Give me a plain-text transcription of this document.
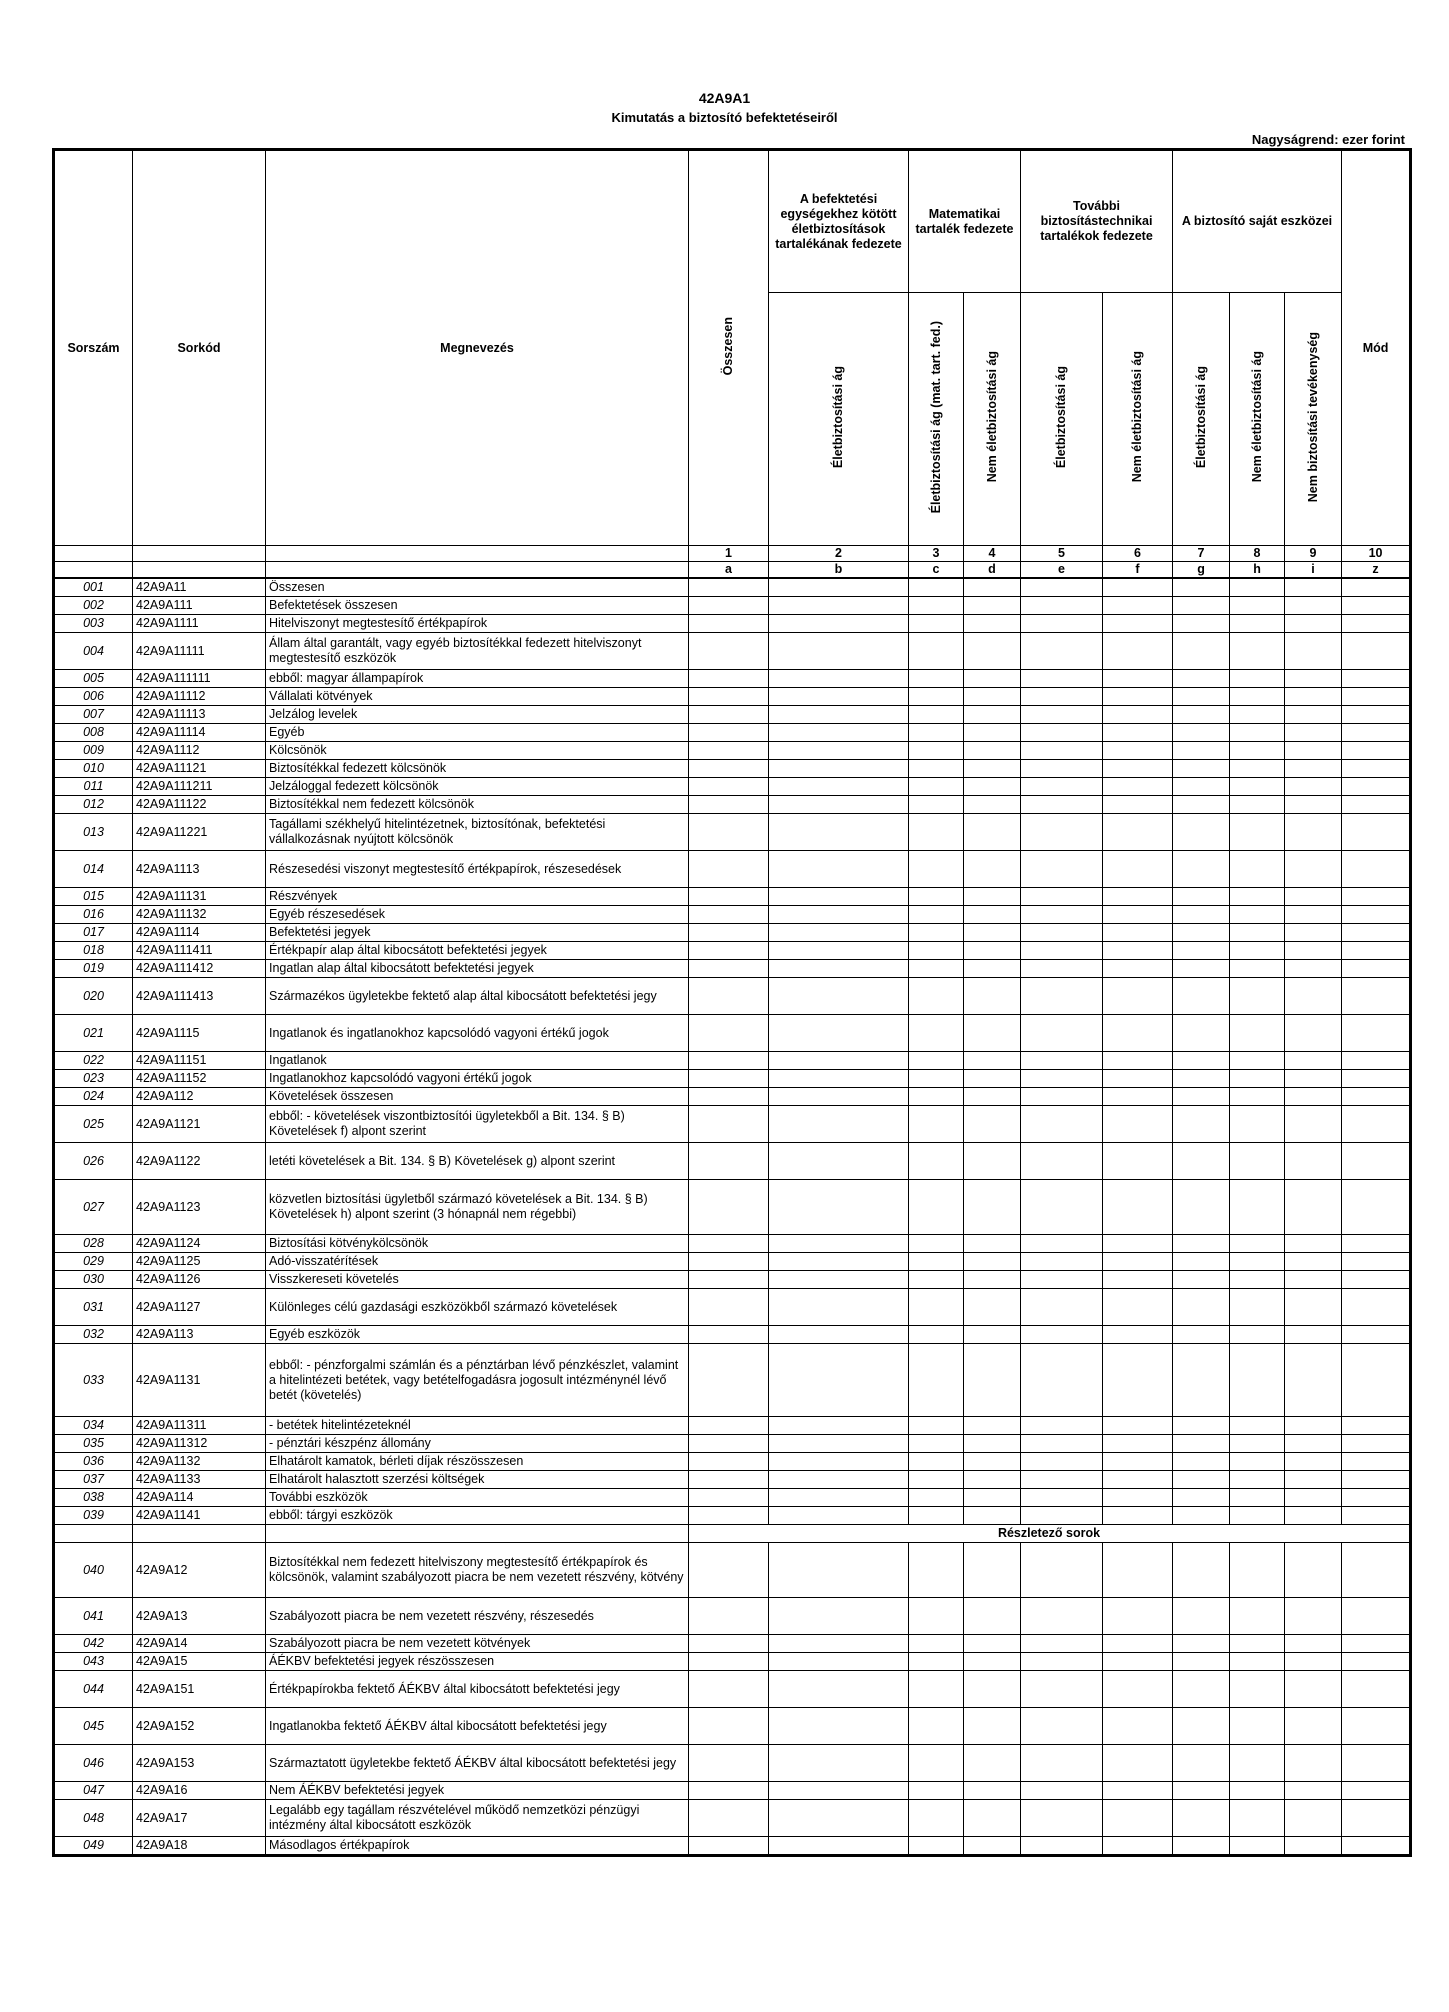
42A9A1
Kimutatás a biztosító befektetéseiről
Nagyságrend: ezer forint
Sorszám	Sorkód	Megnevezés	Összesen	A befektetési egységekhez kötött életbiztosítások tartalékának fedezete	Matematikai tartalék fedezete		További biztosítástechnikai tartalékok fedezete		A biztosító saját eszközei			Mód
				Életbiztosítási ág	Életbiztosítási ág (mat. tart. fed.)	Nem életbiztosítási ág	Életbiztosítási ág	Nem életbiztosítási ág	Életbiztosítási ág	Nem életbiztosítási ág	Nem biztosítási tevékenység	
			1	2	3	4	5	6	7	8	9	10
			a	b	c	d	e	f	g	h	i	z
001	42A9A11	Összesen										
002	42A9A111	Befektetések összesen										
003	42A9A1111	Hitelviszonyt megtestesítő értékpapírok										
004	42A9A11111	Állam által garantált, vagy egyéb biztosítékkal fedezett hitelviszonyt megtestesítő eszközök										
005	42A9A111111	ebből: magyar állampapírok										
006	42A9A11112	Vállalati kötvények										
007	42A9A11113	Jelzálog levelek										
008	42A9A11114	Egyéb										
009	42A9A1112	Kölcsönök										
010	42A9A11121	Biztosítékkal fedezett kölcsönök										
011	42A9A111211	Jelzáloggal fedezett kölcsönök										
012	42A9A11122	Biztosítékkal nem fedezett kölcsönök										
013	42A9A11221	Tagállami székhelyű hitelintézetnek, biztosítónak, befektetési vállalkozásnak nyújtott kölcsönök										
014	42A9A1113	Részesedési viszonyt megtestesítő értékpapírok, részesedések										
015	42A9A11131	Részvények										
016	42A9A11132	Egyéb részesedések										
017	42A9A1114	Befektetési jegyek										
018	42A9A111411	Értékpapír alap által kibocsátott befektetési jegyek										
019	42A9A111412	Ingatlan alap által kibocsátott befektetési jegyek										
020	42A9A111413	Származékos ügyletekbe fektető alap által kibocsátott befektetési jegy										
021	42A9A1115	Ingatlanok és ingatlanokhoz kapcsolódó vagyoni értékű jogok										
022	42A9A11151	Ingatlanok										
023	42A9A11152	Ingatlanokhoz kapcsolódó vagyoni értékű jogok										
024	42A9A112	Követelések összesen										
025	42A9A1121	ebből: - követelések viszontbiztosítói ügyletekből a Bit. 134. § B) Követelések f) alpont szerint										
026	42A9A1122	letéti követelések a Bit. 134. § B) Követelések g) alpont szerint										
027	42A9A1123	közvetlen biztosítási ügyletből származó követelések a Bit. 134. § B) Követelések h) alpont szerint (3 hónapnál nem régebbi)										
028	42A9A1124	Biztosítási kötvénykölcsönök										
029	42A9A1125	Adó-visszatérítések										
030	42A9A1126	Visszkereseti követelés										
031	42A9A1127	Különleges célú gazdasági eszközökből származó követelések										
032	42A9A113	Egyéb eszközök										
033	42A9A1131	ebből: - pénzforgalmi számlán és a pénztárban lévő pénzkészlet, valamint a hitelintézeti betétek, vagy betételfogadásra jogosult intézménynél lévő betét (követelés)										
034	42A9A11311	- betétek hitelintézeteknél										
035	42A9A11312	- pénztári készpénz állomány										
036	42A9A1132	Elhatárolt kamatok, bérleti díjak részösszesen										
037	42A9A1133	Elhatárolt halasztott szerzési költségek										
038	42A9A114	További eszközök										
039	42A9A1141	ebből: tárgyi eszközök										
			Részletező sorok									
040	42A9A12	Biztosítékkal nem fedezett hitelviszony megtestesítő értékpapírok és kölcsönök, valamint szabályozott piacra be nem vezetett részvény, kötvény										
041	42A9A13	Szabályozott piacra be nem vezetett részvény, részesedés										
042	42A9A14	Szabályozott piacra be nem vezetett kötvények										
043	42A9A15	ÁÉKBV befektetési jegyek részösszesen										
044	42A9A151	Értékpapírokba fektető ÁÉKBV által kibocsátott befektetési jegy										
045	42A9A152	Ingatlanokba fektető ÁÉKBV által kibocsátott befektetési jegy										
046	42A9A153	Származtatott ügyletekbe fektető ÁÉKBV által kibocsátott befektetési jegy										
047	42A9A16	Nem ÁÉKBV befektetési jegyek										
048	42A9A17	Legalább egy tagállam részvételével működő nemzetközi pénzügyi intézmény által kibocsátott eszközök										
049	42A9A18	Másodlagos értékpapírok										
